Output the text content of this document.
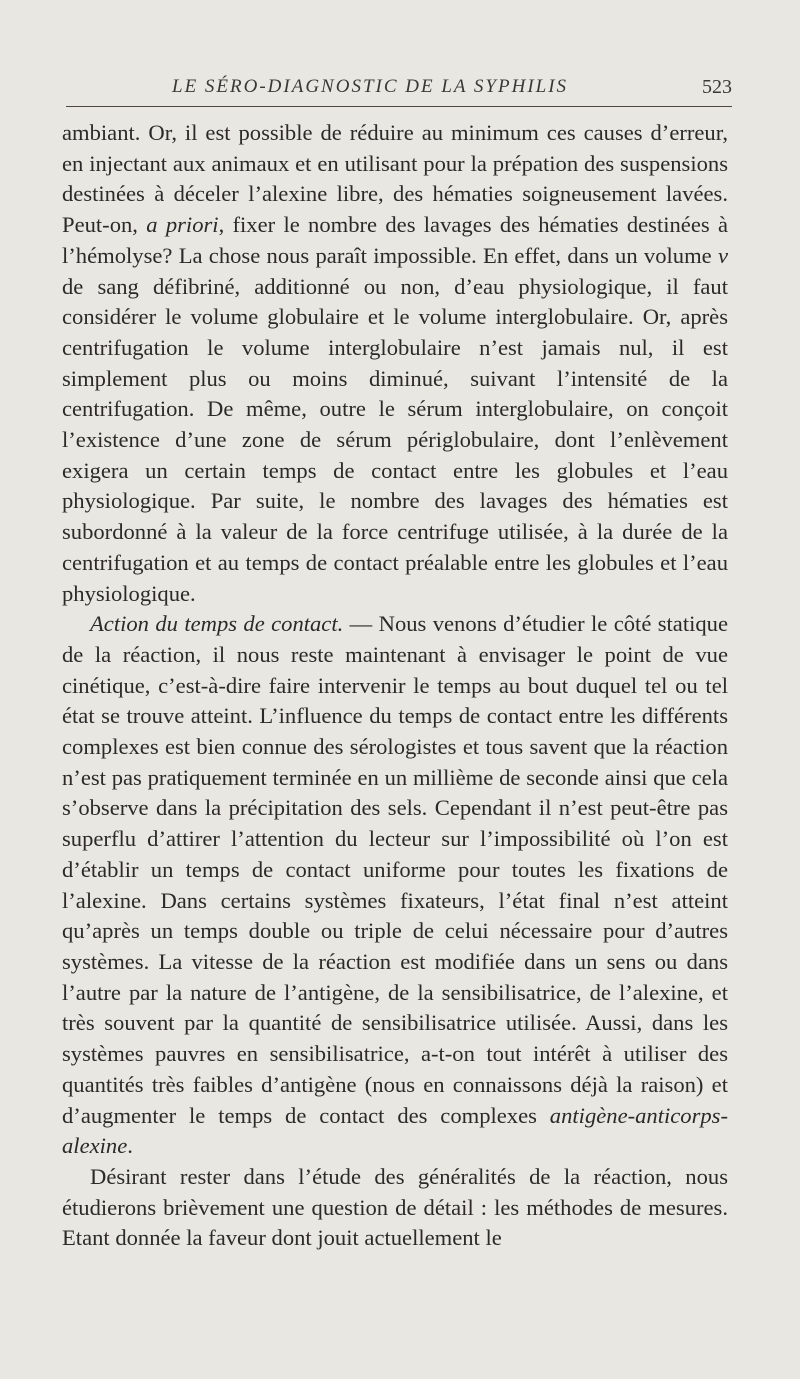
LE SÉRO-DIAGNOSTIC DE LA SYPHILIS	523

ambiant. Or, il est possible de réduire au minimum ces causes d’erreur, en injectant aux animaux et en utilisant pour la prépation des suspensions destinées à déceler l’alexine libre, des hématies soigneusement lavées. Peut-on, a priori, fixer le nombre des lavages des hématies destinées à l’hémolyse? La chose nous paraît impossible. En effet, dans un volume v de sang défibriné, additionné ou non, d’eau physiologique, il faut considérer le volume globulaire et le volume interglobulaire. Or, après centrifugation le volume interglobulaire n’est jamais nul, il est simplement plus ou moins diminué, suivant l’intensité de la centrifugation. De même, outre le sérum interglobulaire, on conçoit l’existence d’une zone de sérum périglobulaire, dont l’enlèvement exigera un certain temps de contact entre les globules et l’eau physiologique. Par suite, le nombre des lavages des hématies est subordonné à la valeur de la force centrifuge utilisée, à la durée de la centrifugation et au temps de contact préalable entre les globules et l’eau physiologique.

Action du temps de contact. — Nous venons d’étudier le côté statique de la réaction, il nous reste maintenant à envisager le point de vue cinétique, c’est-à-dire faire intervenir le temps au bout duquel tel ou tel état se trouve atteint. L’influence du temps de contact entre les différents complexes est bien connue des sérologistes et tous savent que la réaction n’est pas pratiquement terminée en un millième de seconde ainsi que cela s’observe dans la précipitation des sels. Cependant il n’est peut-être pas superflu d’attirer l’attention du lecteur sur l’impossibilité où l’on est d’établir un temps de contact uniforme pour toutes les fixations de l’alexine. Dans certains systèmes fixateurs, l’état final n’est atteint qu’après un temps double ou triple de celui nécessaire pour d’autres systèmes. La vitesse de la réaction est modifiée dans un sens ou dans l’autre par la nature de l’antigène, de la sensibilisatrice, de l’alexine, et très souvent par la quantité de sensibilisatrice utilisée. Aussi, dans les systèmes pauvres en sensibilisatrice, a-t-on tout intérêt à utiliser des quantités très faibles d’antigène (nous en connaissons déjà la raison) et d’augmenter le temps de contact des complexes antigène-anticorps-alexine.

Désirant rester dans l’étude des généralités de la réaction, nous étudierons brièvement une question de détail : les méthodes de mesures. Etant donnée la faveur dont jouit actuellement le
